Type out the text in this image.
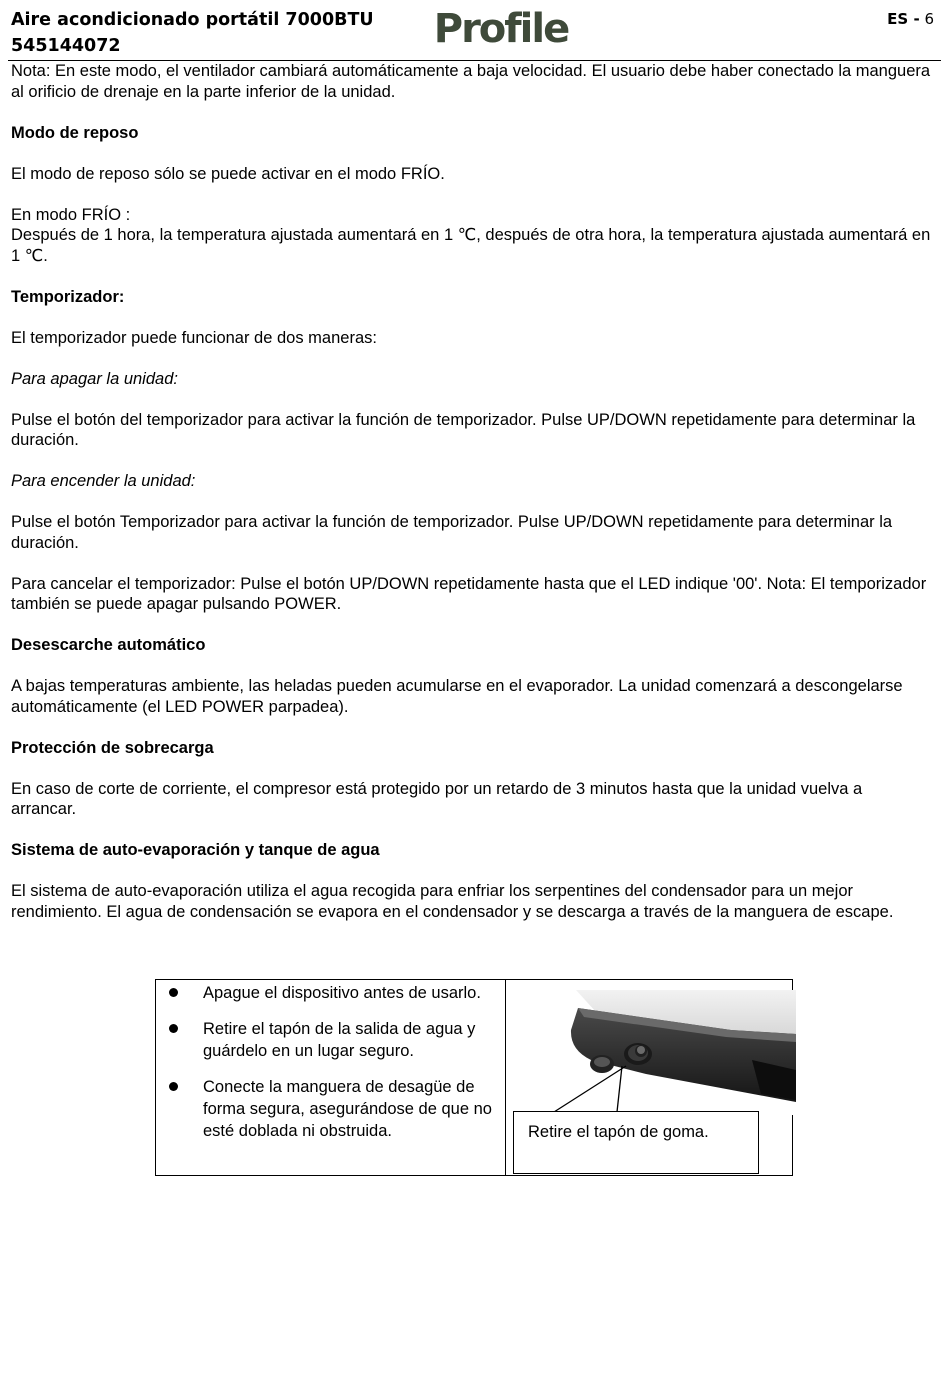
Aire acondicionado portátil 7000BTU
545144072	Profile	ES - 6

Nota: En este modo, el ventilador cambiará automáticamente a baja velocidad. El usuario debe haber conectado la manguera al orificio de drenaje en la parte inferior de la unidad.

Modo de reposo

El modo de reposo sólo se puede activar en el modo FRÍO.

En modo FRÍO :
Después de 1 hora, la temperatura ajustada aumentará en 1 ℃, después de otra hora, la temperatura ajustada aumentará en 1 ℃.

Temporizador:

El temporizador puede funcionar de dos maneras:

Para apagar la unidad:

Pulse el botón del temporizador para activar la función de temporizador. Pulse UP/DOWN repetidamente para determinar la duración.

Para encender la unidad:

Pulse el botón Temporizador para activar la función de temporizador. Pulse UP/DOWN repetidamente para determinar la duración.

Para cancelar el temporizador: Pulse el botón UP/DOWN repetidamente hasta que el LED indique '00'. Nota: El temporizador también se puede apagar pulsando POWER.

Desescarche automático

A bajas temperaturas ambiente, las heladas pueden acumularse en el evaporador. La unidad comenzará a descongelarse automáticamente (el LED POWER parpadea).

Protección de sobrecarga

En caso de corte de corriente, el compresor está protegido por un retardo de 3 minutos hasta que la unidad vuelva a arrancar.

Sistema de auto-evaporación y tanque de agua

El sistema de auto-evaporación utiliza el agua recogida para enfriar los serpentines del condensador para un mejor rendimiento. El agua de condensación se evapora en el condensador y se descarga a través de la manguera de escape.

Apague el dispositivo antes de usarlo.
Retire el tapón de la salida de agua y guárdelo en un lugar seguro.
Conecte la manguera de desagüe de forma segura, asegurándose de que no esté doblada ni obstruida.	Retire el tapón de goma.
